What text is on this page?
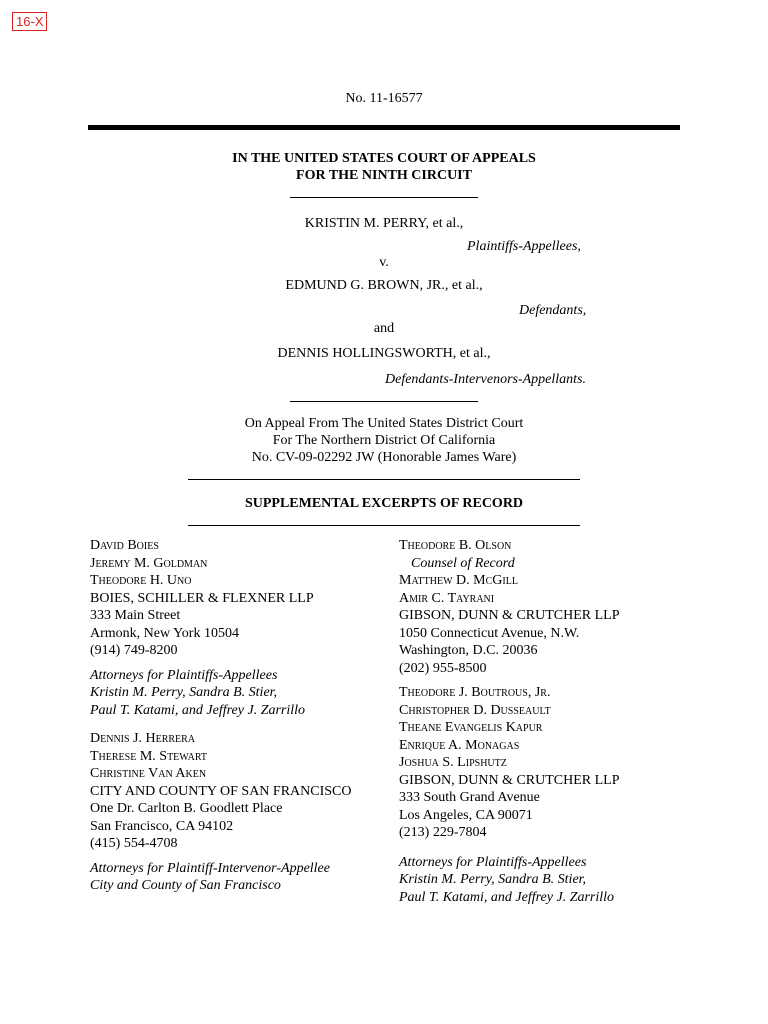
16-X
No. 11-16577
IN THE UNITED STATES COURT OF APPEALS
FOR THE NINTH CIRCUIT
KRISTIN M. PERRY, et al.,
Plaintiffs-Appellees,
v.
EDMUND G. BROWN, JR., et al.,
Defendants,
and
DENNIS HOLLINGSWORTH, et al.,
Defendants-Intervenors-Appellants.
On Appeal From The United States District Court
For The Northern District Of California
No. CV-09-02292 JW (Honorable James Ware)
SUPPLEMENTAL EXCERPTS OF RECORD
David Boies
Jeremy M. Goldman
Theodore H. Uno
BOIES, SCHILLER & FLEXNER LLP
333 Main Street
Armonk, New York 10504
(914) 749-8200
Attorneys for Plaintiffs-Appellees
Kristin M. Perry, Sandra B. Stier,
Paul T. Katami, and Jeffrey J. Zarrillo
Dennis J. Herrera
Therese M. Stewart
Christine Van Aken
CITY AND COUNTY OF SAN FRANCISCO
One Dr. Carlton B. Goodlett Place
San Francisco, CA 94102
(415) 554-4708
Attorneys for Plaintiff-Intervenor-Appellee
City and County of San Francisco
Theodore B. Olson
Counsel of Record
Matthew D. McGill
Amir C. Tayrani
GIBSON, DUNN & CRUTCHER LLP
1050 Connecticut Avenue, N.W.
Washington, D.C. 20036
(202) 955-8500
Theodore J. Boutrous, Jr.
Christopher D. Dusseault
Theane Evangelis Kapur
Enrique A. Monagas
Joshua S. Lipshutz
GIBSON, DUNN & CRUTCHER LLP
333 South Grand Avenue
Los Angeles, CA 90071
(213) 229-7804
Attorneys for Plaintiffs-Appellees
Kristin M. Perry, Sandra B. Stier,
Paul T. Katami, and Jeffrey J. Zarrillo
